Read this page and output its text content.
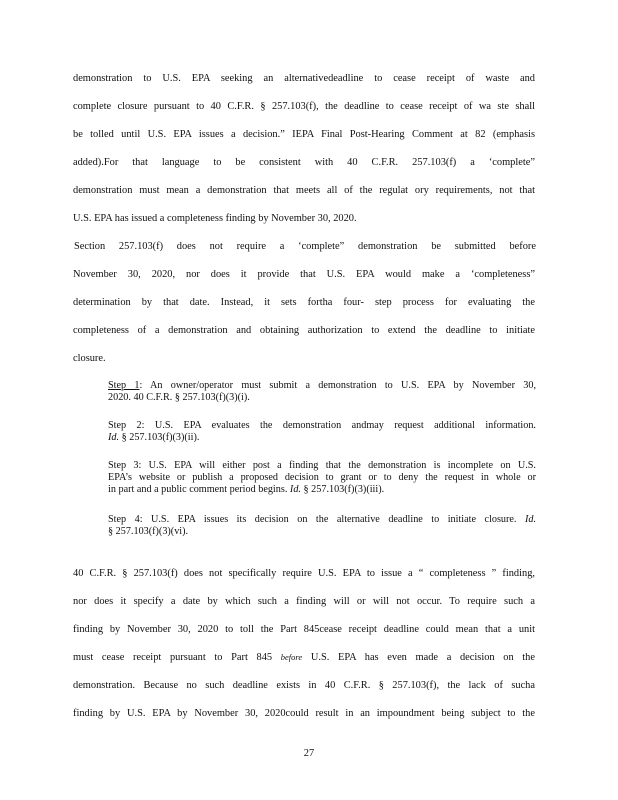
demonstration to U.S. EPA seeking an alternativedeadline to cease receipt of waste and
complete closure pursuant to 40 C.F.R. § 257.103(f), the deadline to cease receipt of wa ste shall
be tolled until U.S. EPA issues a decision.” IEPA Final Post-Hearing Comment at 82 (emphasis
added).For that language to be consistent with 40 C.F.R. 257.103(f) a ‘complete”
demonstration must mean a demonstration that meets all of the regulat ory requirements, not that
U.S. EPA has issued a completeness finding by November 30, 2020.
Section 257.103(f) does not require a ‘complete” demonstration be submitted before
November 30, 2020, nor does it provide that U.S. EPA would make a ‘completeness”
determination by that date. Instead, it sets fortha four- step process for evaluating the
completeness of a demonstration and obtaining authorization to extend the deadline to initiate
closure.
Step 1: An owner/operator must submit a demonstration to U.S. EPA by November 30,
2020. 40 C.F.R. § 257.103(f)(3)(i).
Step 2: U.S. EPA evaluates the demonstration andmay request additional information.
Id. § 257.103(f)(3)(ii).
Step 3: U.S. EPA will either post a finding that the demonstration is incomplete on U.S.
EPA’s website or publish a proposed decision to grant or to deny the request in whole or
in part and a public comment period begins. Id. § 257.103(f)(3)(iii).
Step 4: U.S. EPA issues its decision on the alternative deadline to initiate closure. Id.
§ 257.103(f)(3)(vi).
40 C.F.R. § 257.103(f) does not specifically require U.S. EPA to issue a “ completeness ” finding,
nor does it specify a date by which such a finding will or will not occur. To require such a
finding by November 30, 2020 to toll the Part 845cease receipt deadline could mean that a unit
must cease receipt pursuant to Part 845 before U.S. EPA has even made a decision on the
demonstration. Because no such deadline exists in 40 C.F.R. § 257.103(f), the lack of sucha
finding by U.S. EPA by November 30, 2020could result in an impoundment being subject to the
27
